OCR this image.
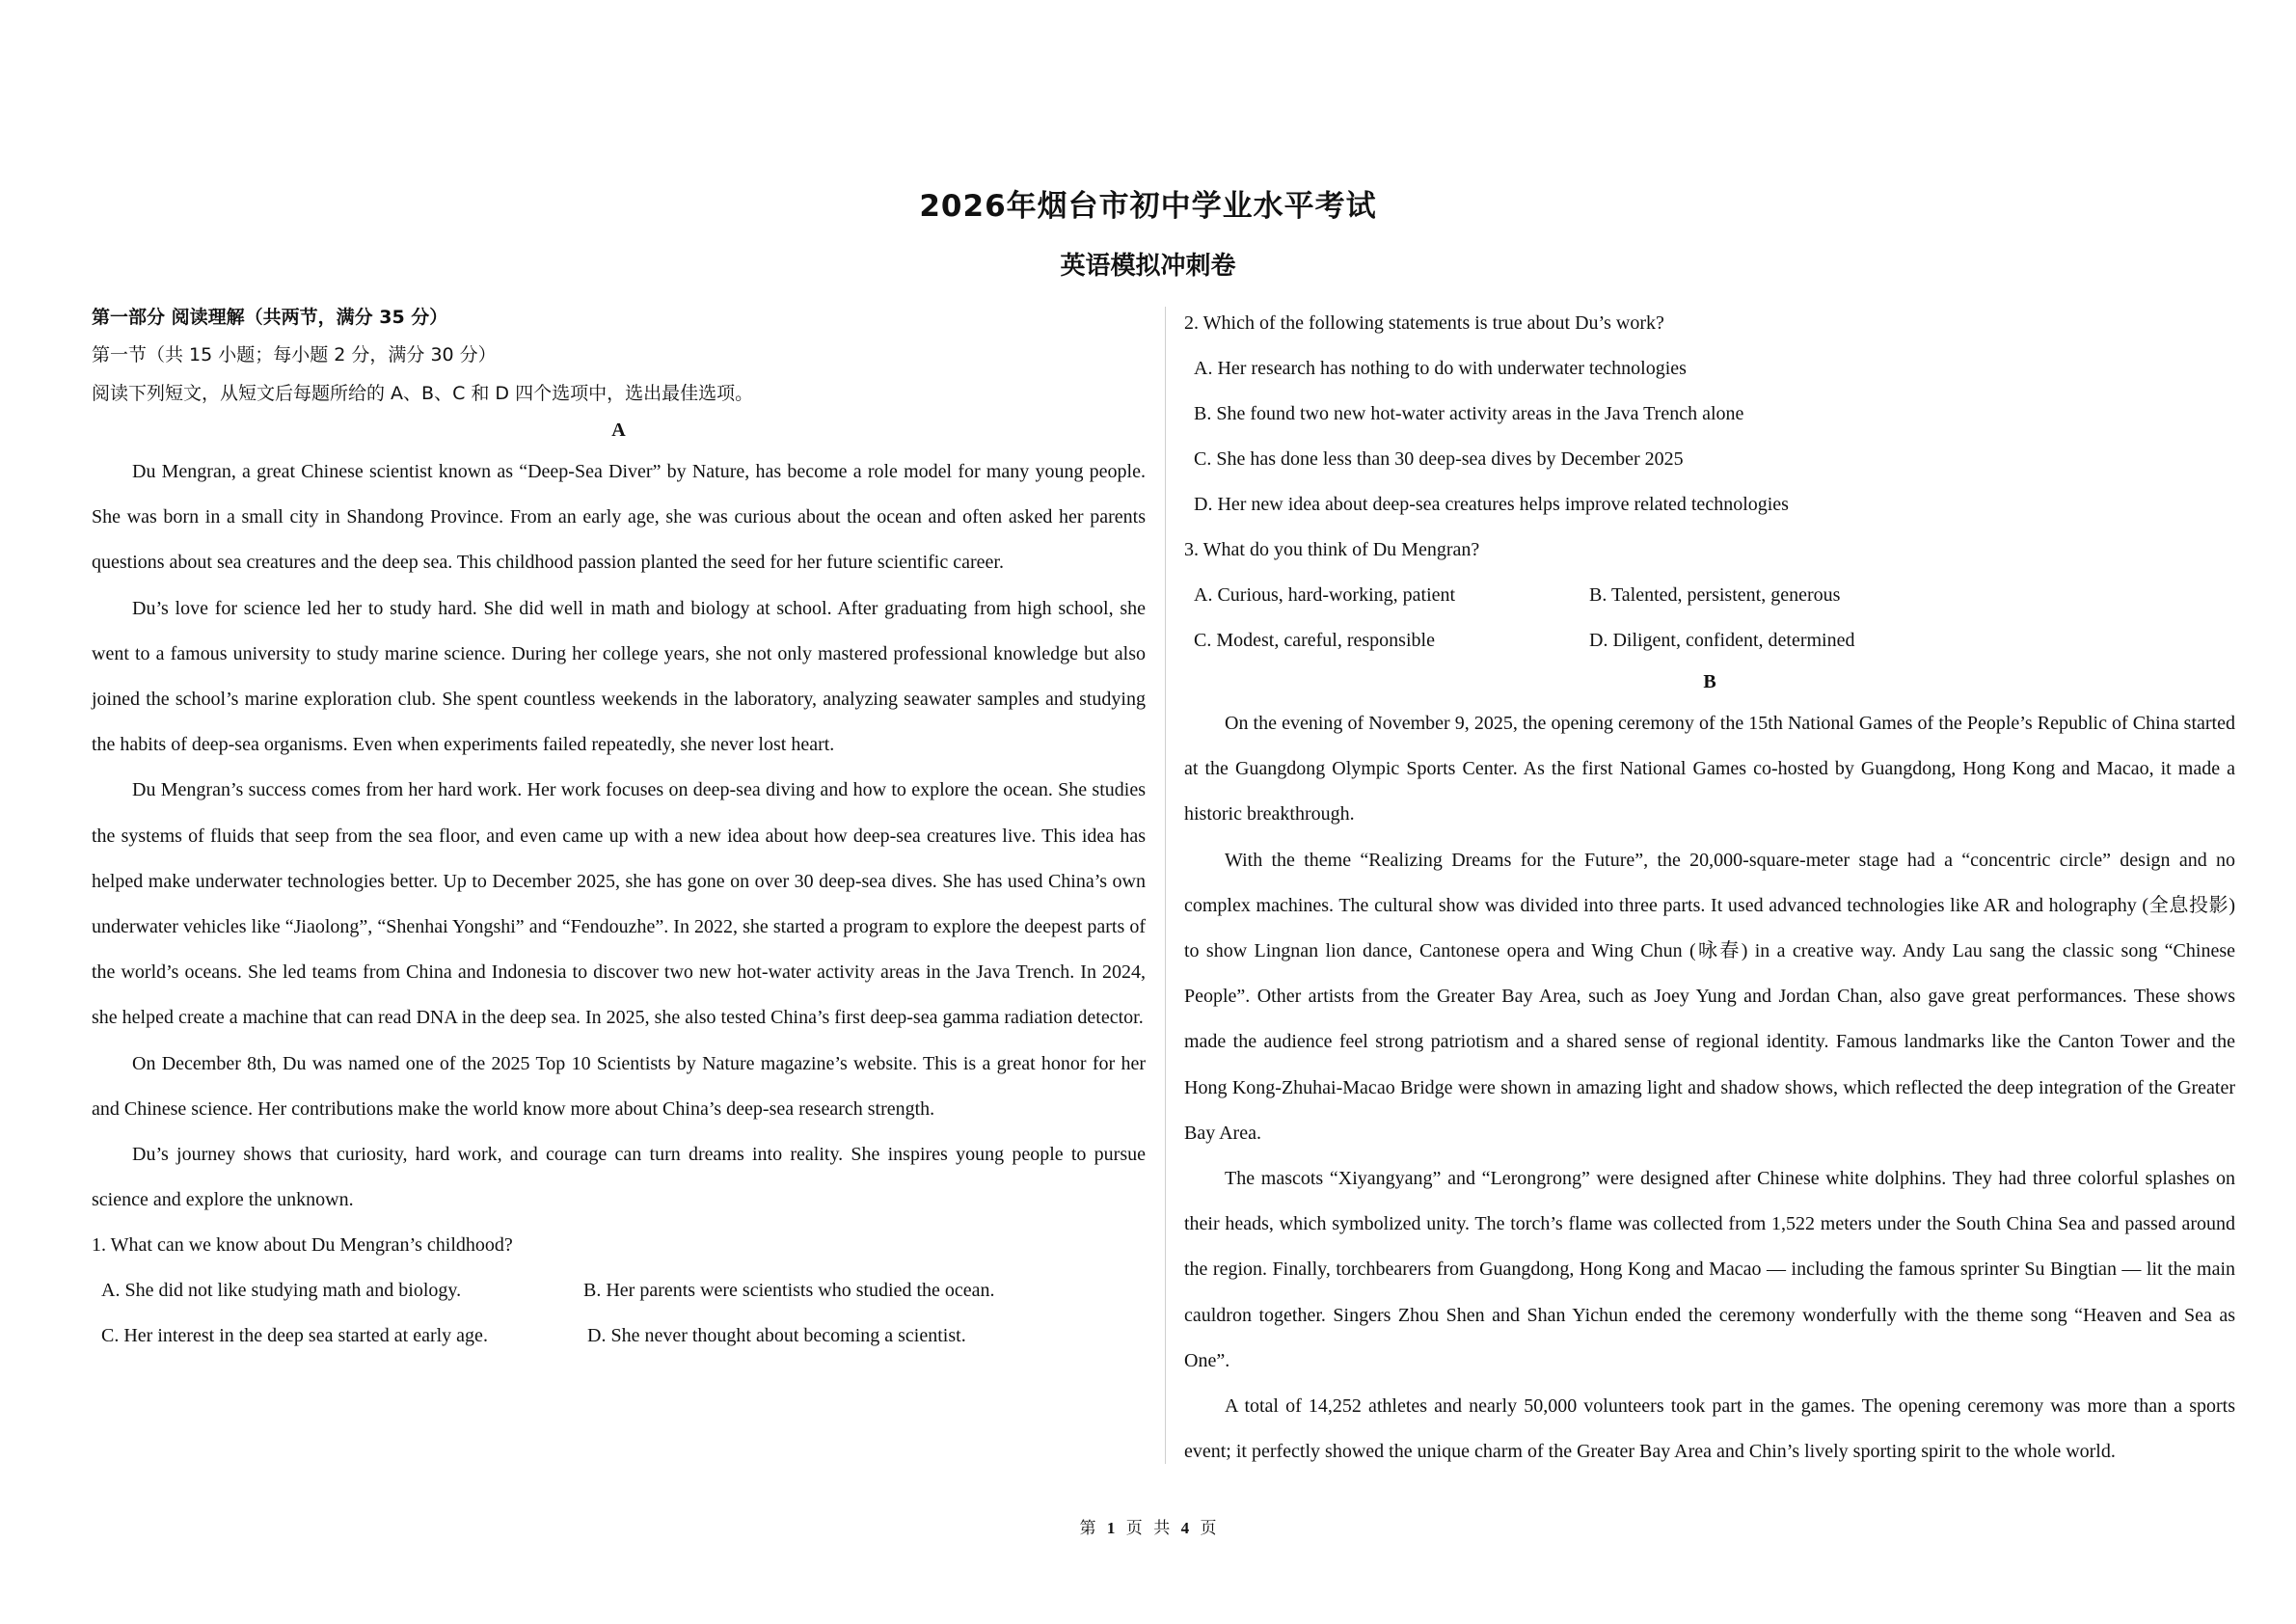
2026年烟台市初中学业水平考试
英语模拟冲刺卷
第一部分 阅读理解（共两节，满分 35 分）
第一节（共 15 小题；每小题 2 分，满分 30 分）
阅读下列短文，从短文后每题所给的 A、B、C 和 D 四个选项中，选出最佳选项。
A

Du Mengran, a great Chinese scientist known as “Deep-Sea Diver” by Nature, has become a role model for many young people. She was born in a small city in Shandong Province. From an early age, she was curious about the ocean and often asked her parents questions about sea creatures and the deep sea. This childhood passion planted the seed for her future scientific career.

Du’s love for science led her to study hard. She did well in math and biology at school. After graduating from high school, she went to a famous university to study marine science. During her college years, she not only mastered professional knowledge but also joined the school’s marine exploration club. She spent countless weekends in the laboratory, analyzing seawater samples and studying the habits of deep-sea organisms. Even when experiments failed repeatedly, she never lost heart.

Du Mengran’s success comes from her hard work. Her work focuses on deep-sea diving and how to explore the ocean. She studies the systems of fluids that seep from the sea floor, and even came up with a new idea about how deep-sea creatures live. This idea has helped make underwater technologies better. Up to December 2025, she has gone on over 30 deep-sea dives. She has used China’s own underwater vehicles like “Jiaolong”, “Shenhai Yongshi” and “Fendouzhe”. In 2022, she started a program to explore the deepest parts of the world’s oceans. She led teams from China and Indonesia to discover two new hot-water activity areas in the Java Trench. In 2024, she helped create a machine that can read DNA in the deep sea. In 2025, she also tested China’s first deep-sea gamma radiation detector.

On December 8th, Du was named one of the 2025 Top 10 Scientists by Nature magazine’s website. This is a great honor for her and Chinese science. Her contributions make the world know more about China’s deep-sea research strength.

Du’s journey shows that curiosity, hard work, and courage can turn dreams into reality. She inspires young people to pursue science and explore the unknown.

1. What can we know about Du Mengran’s childhood?
A. She did not like studying math and biology.	B. Her parents were scientists who studied the ocean.
C. Her interest in the deep sea started at early age.	D. She never thought about becoming a scientist.
2. Which of the following statements is true about Du’s work?
A. Her research has nothing to do with underwater technologies
B. She found two new hot-water activity areas in the Java Trench alone
C. She has done less than 30 deep-sea dives by December 2025
D. Her new idea about deep-sea creatures helps improve related technologies
3. What do you think of Du Mengran?
A. Curious, hard-working, patient	B. Talented, persistent, generous
C. Modest, careful, responsible	D. Diligent, confident, determined
B

On the evening of November 9, 2025, the opening ceremony of the 15th National Games of the People’s Republic of China started at the Guangdong Olympic Sports Center. As the first National Games co-hosted by Guangdong, Hong Kong and Macao, it made a historic breakthrough.

With the theme “Realizing Dreams for the Future”, the 20,000-square-meter stage had a “concentric circle” design and no complex machines. The cultural show was divided into three parts. It used advanced technologies like AR and holography (全息投影) to show Lingnan lion dance, Cantonese opera and Wing Chun (咏春) in a creative way. Andy Lau sang the classic song “Chinese People”. Other artists from the Greater Bay Area, such as Joey Yung and Jordan Chan, also gave great performances. These shows made the audience feel strong patriotism and a shared sense of regional identity. Famous landmarks like the Canton Tower and the Hong Kong-Zhuhai-Macao Bridge were shown in amazing light and shadow shows, which reflected the deep integration of the Greater Bay Area.

The mascots “Xiyangyang” and “Lerongrong” were designed after Chinese white dolphins. They had three colorful splashes on their heads, which symbolized unity. The torch’s flame was collected from 1,522 meters under the South China Sea and passed around the region. Finally, torchbearers from Guangdong, Hong Kong and Macao — including the famous sprinter Su Bingtian — lit the main cauldron together. Singers Zhou Shen and Shan Yichun ended the ceremony wonderfully with the theme song “Heaven and Sea as One”.

A total of 14,252 athletes and nearly 50,000 volunteers took part in the games. The opening ceremony was more than a sports event; it perfectly showed the unique charm of the Greater Bay Area and Chin’s lively sporting spirit to the whole world.

第 1 页 共 4 页
